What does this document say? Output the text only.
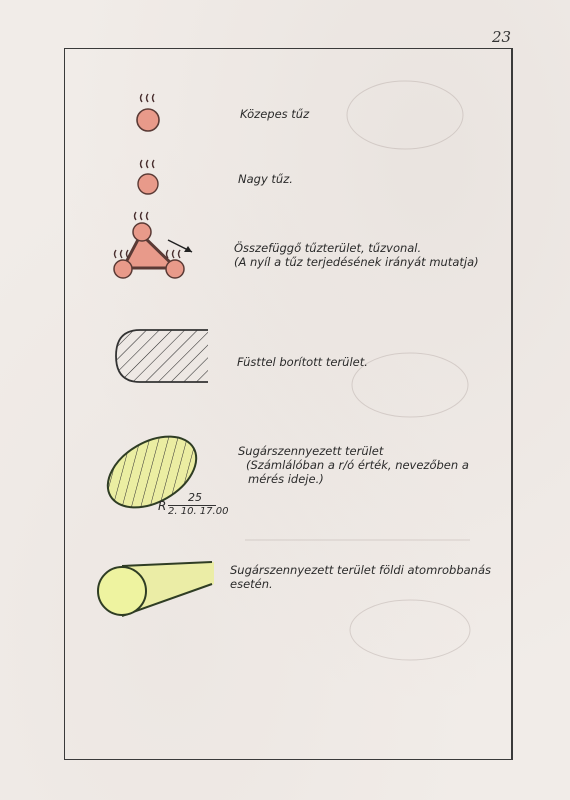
23
Közepes tűz
Nagy tűz.
Összefüggő tűzterület, tűzvonal.
(A nyíl a tűz terjedésének irányát mutatja)
Füsttel borított terület.
Sugárszennyezett terület
(Számlálóban a r/ó érték, nevezőben a
mérés ideje.)
R
25
2. 10. 17.00
Sugárszennyezett terület földi atomrobbanás
esetén.
